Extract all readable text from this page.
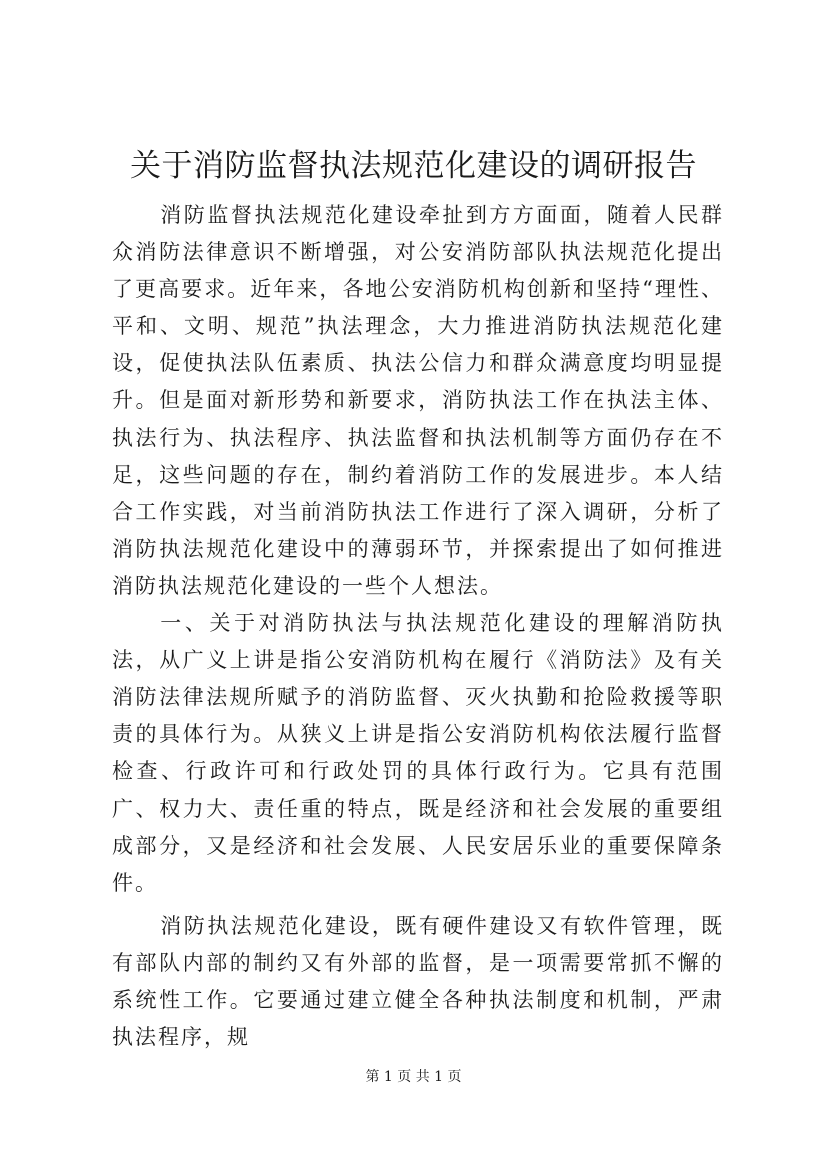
关于消防监督执法规范化建设的调研报告

消防监督执法规范化建设牵扯到方方面面，随着人民群众消防法律意识不断增强，对公安消防部队执法规范化提出了更高要求。近年来，各地公安消防机构创新和坚持“理性、平和、文明、规范”执法理念，大力推进消防执法规范化建设，促使执法队伍素质、执法公信力和群众满意度均明显提升。但是面对新形势和新要求，消防执法工作在执法主体、执法行为、执法程序、执法监督和执法机制等方面仍存在不足，这些问题的存在，制约着消防工作的发展进步。本人结合工作实践，对当前消防执法工作进行了深入调研，分析了消防执法规范化建设中的薄弱环节，并探索提出了如何推进消防执法规范化建设的一些个人想法。

一、关于对消防执法与执法规范化建设的理解消防执法，从广义上讲是指公安消防机构在履行《消防法》及有关消防法律法规所赋予的消防监督、灭火执勤和抢险救援等职责的具体行为。从狭义上讲是指公安消防机构依法履行监督检查、行政许可和行政处罚的具体行政行为。它具有范围广、权力大、责任重的特点，既是经济和社会发展的重要组成部分，又是经济和社会发展、人民安居乐业的重要保障条件。

消防执法规范化建设，既有硬件建设又有软件管理，既有部队内部的制约又有外部的监督，是一项需要常抓不懈的系统性工作。它要通过建立健全各种执法制度和机制，严肃执法程序，规

第 1 页 共 1 页
